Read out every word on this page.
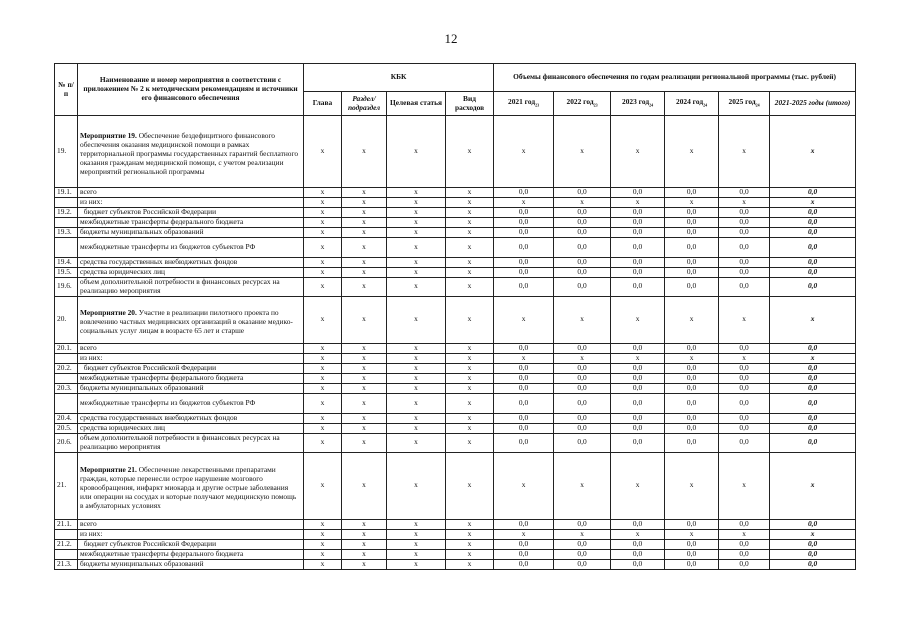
12
№ п/п	Наименование и номер мероприятия в соответствии с приложением № 2 к методическим рекомендациям и источники его финансового обеспечения	КБК				Объемы финансового обеспечения по годам реализации региональной программы (тыс. рублей)					
		Глава	Раздел/ подраздел	Целевая статья	Вид расходов	2021 год$_{23}$	2022 год$_{23}$	2023 год$_{24}$	2024 год$_{24}$	2025 год$_{24}$	2021-2025 годы (итого)
19.	Мероприятие 19. Обеспечение бездефицитного финансового обеспечения оказания медицинской помощи в рамках территориальной программы государственных гарантий бесплатного оказания гражданам медицинской помощи, с учетом реализации мероприятий региональной программы	х	х	х	х	х	х	х	х	х	х
19.1.	всего	х	х	х	х	0,0	0,0	0,0	0,0	0,0	0,0
	из них:	х	х	х	х	х	х	х	х	х	х
19.2.	бюджет субъектов Российской Федерации	х	х	х	х	0,0	0,0	0,0	0,0	0,0	0,0
	межбюджетные трансферты федерального бюджета	х	х	х	х	0,0	0,0	0,0	0,0	0,0	0,0
19.3.	бюджеты муниципальных образований	х	х	х	х	0,0	0,0	0,0	0,0	0,0	0,0
	межбюджетные трансферты из бюджетов субъектов РФ	х	х	х	х	0,0	0,0	0,0	0,0	0,0	0,0
19.4.	средства государственных внебюджетных фондов	х	х	х	х	0,0	0,0	0,0	0,0	0,0	0,0
19.5.	средства юридических лиц	х	х	х	х	0,0	0,0	0,0	0,0	0,0	0,0
19.6.	объем дополнительной потребности в финансовых ресурсах на реализацию мероприятия	х	х	х	х	0,0	0,0	0,0	0,0	0,0	0,0
20.	Мероприятие 20. Участие в реализации пилотного проекта по вовлечению частных медицинских организаций в оказание медико-социальных услуг лицам в возрасте 65 лет и старше	х	х	х	х	х	х	х	х	х	х
20.1.	всего	х	х	х	х	0,0	0,0	0,0	0,0	0,0	0,0
	из них:	х	х	х	х	х	х	х	х	х	х
20.2.	бюджет субъектов Российской Федерации	х	х	х	х	0,0	0,0	0,0	0,0	0,0	0,0
	межбюджетные трансферты федерального бюджета	х	х	х	х	0,0	0,0	0,0	0,0	0,0	0,0
20.3.	бюджеты муниципальных образований	х	х	х	х	0,0	0,0	0,0	0,0	0,0	0,0
	межбюджетные трансферты из бюджетов субъектов РФ	х	х	х	х	0,0	0,0	0,0	0,0	0,0	0,0
20.4.	средства государственных внебюджетных фондов	х	х	х	х	0,0	0,0	0,0	0,0	0,0	0,0
20.5.	средства юридических лиц	х	х	х	х	0,0	0,0	0,0	0,0	0,0	0,0
20.6.	объем дополнительной потребности в финансовых ресурсах на реализацию мероприятия	х	х	х	х	0,0	0,0	0,0	0,0	0,0	0,0
21.	Мероприятие 21. Обеспечение лекарственными препаратами граждан, которые перенесли острое нарушение мозгового кровообращения, инфаркт миокарда и другие острые заболевания или операции на сосудах и которые получают медицинскую помощь в амбулаторных условиях	х	х	х	х	х	х	х	х	х	х
21.1.	всего	х	х	х	х	0,0	0,0	0,0	0,0	0,0	0,0
	из них:	х	х	х	х	х	х	х	х	х	х
21.2.	бюджет субъектов Российской Федерации	х	х	х	х	0,0	0,0	0,0	0,0	0,0	0,0
	межбюджетные трансферты федерального бюджета	х	х	х	х	0,0	0,0	0,0	0,0	0,0	0,0
21.3.	бюджеты муниципальных образований	х	х	х	х	0,0	0,0	0,0	0,0	0,0	0,0
